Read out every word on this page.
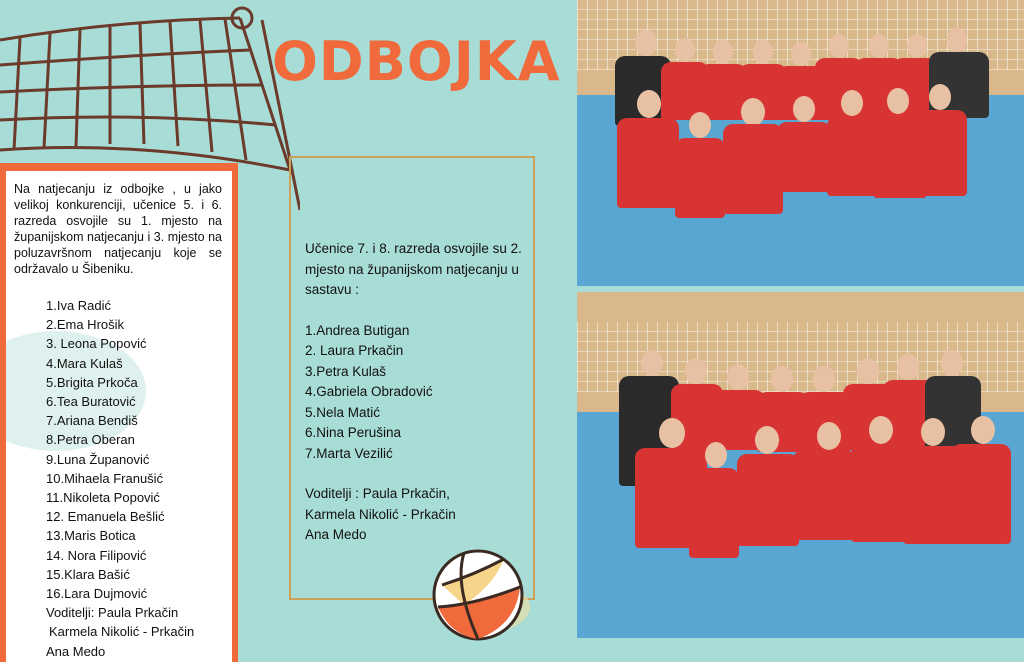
ODBOJKA
Na natjecanju iz odbojke , u jako velikoj konkurenciji, učenice 5. i 6. razreda osvojile su 1. mjesto na županijskom natjecanju i 3. mjesto na poluzavršnom natjecanju koje se održavalo u Šibeniku.
1.Iva Radić
2.Ema Hrošik
3. Leona Popović
4.Mara Kulaš
5.Brigita Prkoča
6.Tea Buratović
7.Ariana Bendiš
8.Petra Oberan
9.Luna Županović
10.Mihaela Franušić
11.Nikoleta Popović
12. Emanuela Bešlić
13.Maris Botica
14. Nora Filipović
15.Klara Bašić
16.Lara Dujmović
Voditelji: Paula Prkačin
Karmela Nikolić - Prkačin
Ana Medo
Učenice 7. i 8. razreda osvojile su 2. mjesto na županijskom natjecanju u sastavu :
1.Andrea Butigan
2. Laura Prkačin
3.Petra Kulaš
4.Gabriela Obradović
5.Nela Matić
6.Nina Perušina
7.Marta Vezilić
Voditelji : Paula Prkačin,
Karmela Nikolić - Prkačin
Ana Medo
